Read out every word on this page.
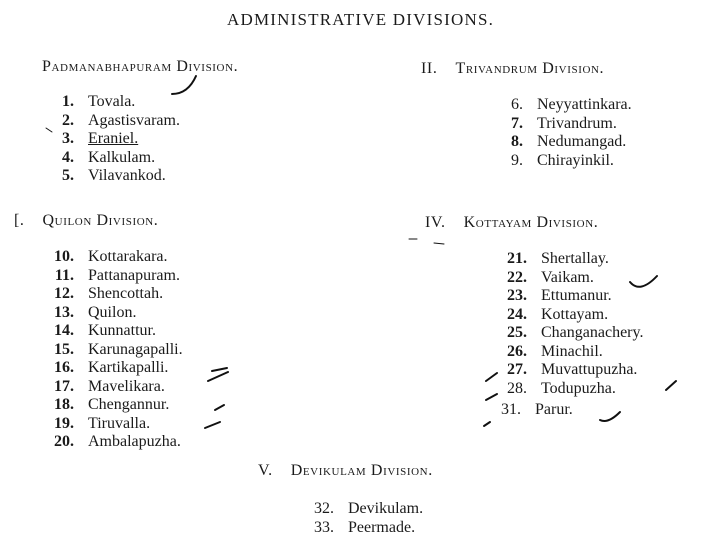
ADMINISTRATIVE DIVISIONS.
Padmanabhapuram Division.
1. Tovala.
2. Agastisvaram.
3. Eraniel.
4. Kalkulam.
5. Vilavankod.
II. Trivandrum Division.
6. Neyyattinkara.
7. Trivandrum.
8. Nedumangad.
9. Chirayinkil.
[. Quilon Division.
10. Kottarakara.
11. Pattanapuram.
12. Shencottah.
13. Quilon.
14. Kunnattur.
15. Karunagapalli.
16. Kartikapalli.
17. Mavelikara.
18. Chengannur.
19. Tiruvalla.
20. Ambalapuzha.
IV. Kottayam Division.
21. Shertallay.
22. Vaikam.
23. Ettumanur.
24. Kottayam.
25. Changanachery.
26. Minachil.
27. Muvattupuzha.
28. Todupuzha.
31. Parur.
V. Devikulam Division.
32. Devikulam.
33. Peermade.
